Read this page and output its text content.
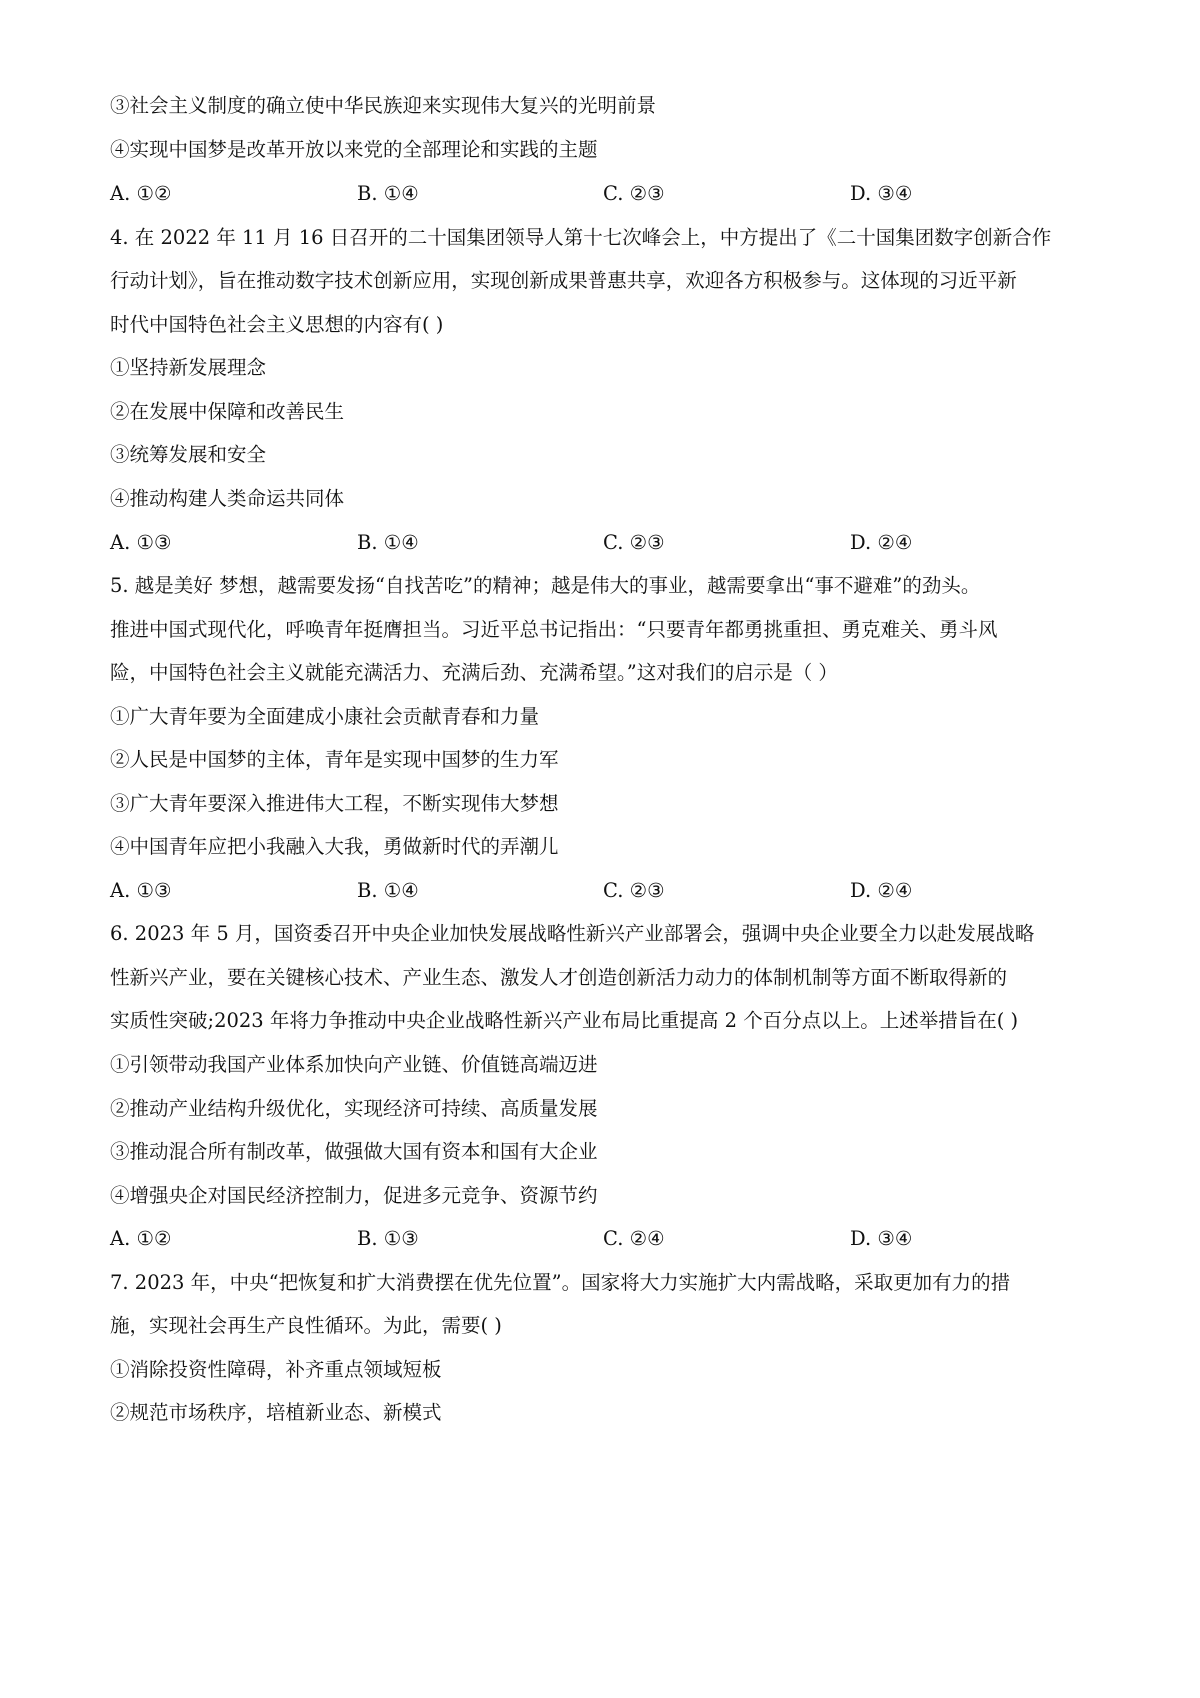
③社会主义制度的确立使中华民族迎来实现伟大复兴的光明前景
④实现中国梦是改革开放以来党的全部理论和实践的主题
A. ①②	B. ①④	C. ②③	D. ③④
4. 在 2022 年 11 月 16 日召开的二十国集团领导人第十七次峰会上，中方提出了《二十国集团数字创新合作
行动计划》，旨在推动数字技术创新应用，实现创新成果普惠共享，欢迎各方积极参与。这体现的习近平新
时代中国特色社会主义思想的内容有( )
①坚持新发展理念
②在发展中保障和改善民生
③统筹发展和安全
④推动构建人类命运共同体
A. ①③	B. ①④	C. ②③	D. ②④
5. 越是美好 梦想，越需要发扬“自找苦吃”的精神；越是伟大的事业，越需要拿出“事不避难”的劲头。
推进中国式现代化，呼唤青年挺膺担当。习近平总书记指出：“只要青年都勇挑重担、勇克难关、勇斗风
险，中国特色社会主义就能充满活力、充满后劲、充满希望。”这对我们的启示是（ ）
①广大青年要为全面建成小康社会贡献青春和力量
②人民是中国梦的主体，青年是实现中国梦的生力军
③广大青年要深入推进伟大工程，不断实现伟大梦想
④中国青年应把小我融入大我，勇做新时代的弄潮儿
A. ①③	B. ①④	C. ②③	D. ②④
6. 2023 年 5 月，国资委召开中央企业加快发展战略性新兴产业部署会，强调中央企业要全力以赴发展战略
性新兴产业，要在关键核心技术、产业生态、激发人才创造创新活力动力的体制机制等方面不断取得新的
实质性突破;2023 年将力争推动中央企业战略性新兴产业布局比重提高 2 个百分点以上。上述举措旨在( )
①引领带动我国产业体系加快向产业链、价值链高端迈进
②推动产业结构升级优化，实现经济可持续、高质量发展
③推动混合所有制改革，做强做大国有资本和国有大企业
④增强央企对国民经济控制力，促进多元竞争、资源节约
A. ①②	B. ①③	C. ②④	D. ③④
7. 2023 年，中央“把恢复和扩大消费摆在优先位置”。国家将大力实施扩大内需战略，采取更加有力的措
施，实现社会再生产良性循环。为此，需要( )
①消除投资性障碍，补齐重点领域短板
②规范市场秩序，培植新业态、新模式
